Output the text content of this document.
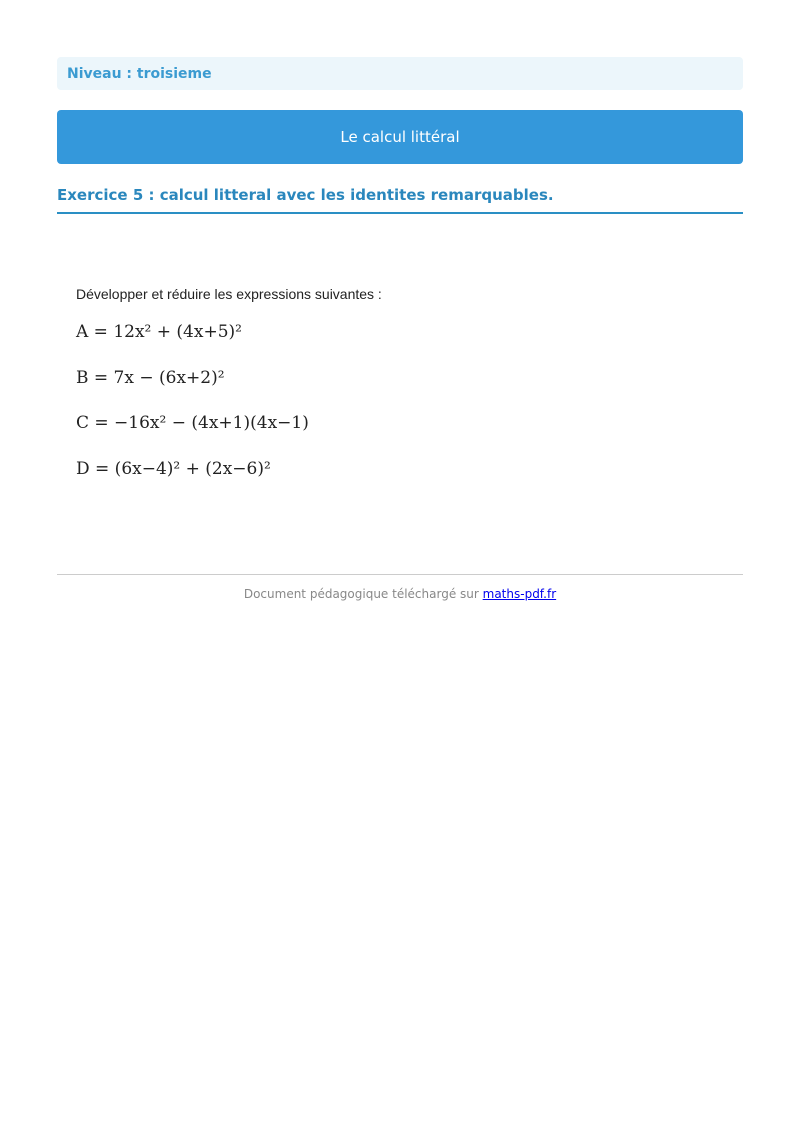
Niveau : troisieme
Le calcul littéral
Exercice 5 : calcul litteral avec les identites remarquables.
Développer et réduire les expressions suivantes :
A = 12x² + (4x+5)²
B = 7x − (6x+2)²
C = −16x² − (4x+1)(4x−1)
D = (6x−4)² + (2x−6)²
Document pédagogique téléchargé sur maths-pdf.fr
